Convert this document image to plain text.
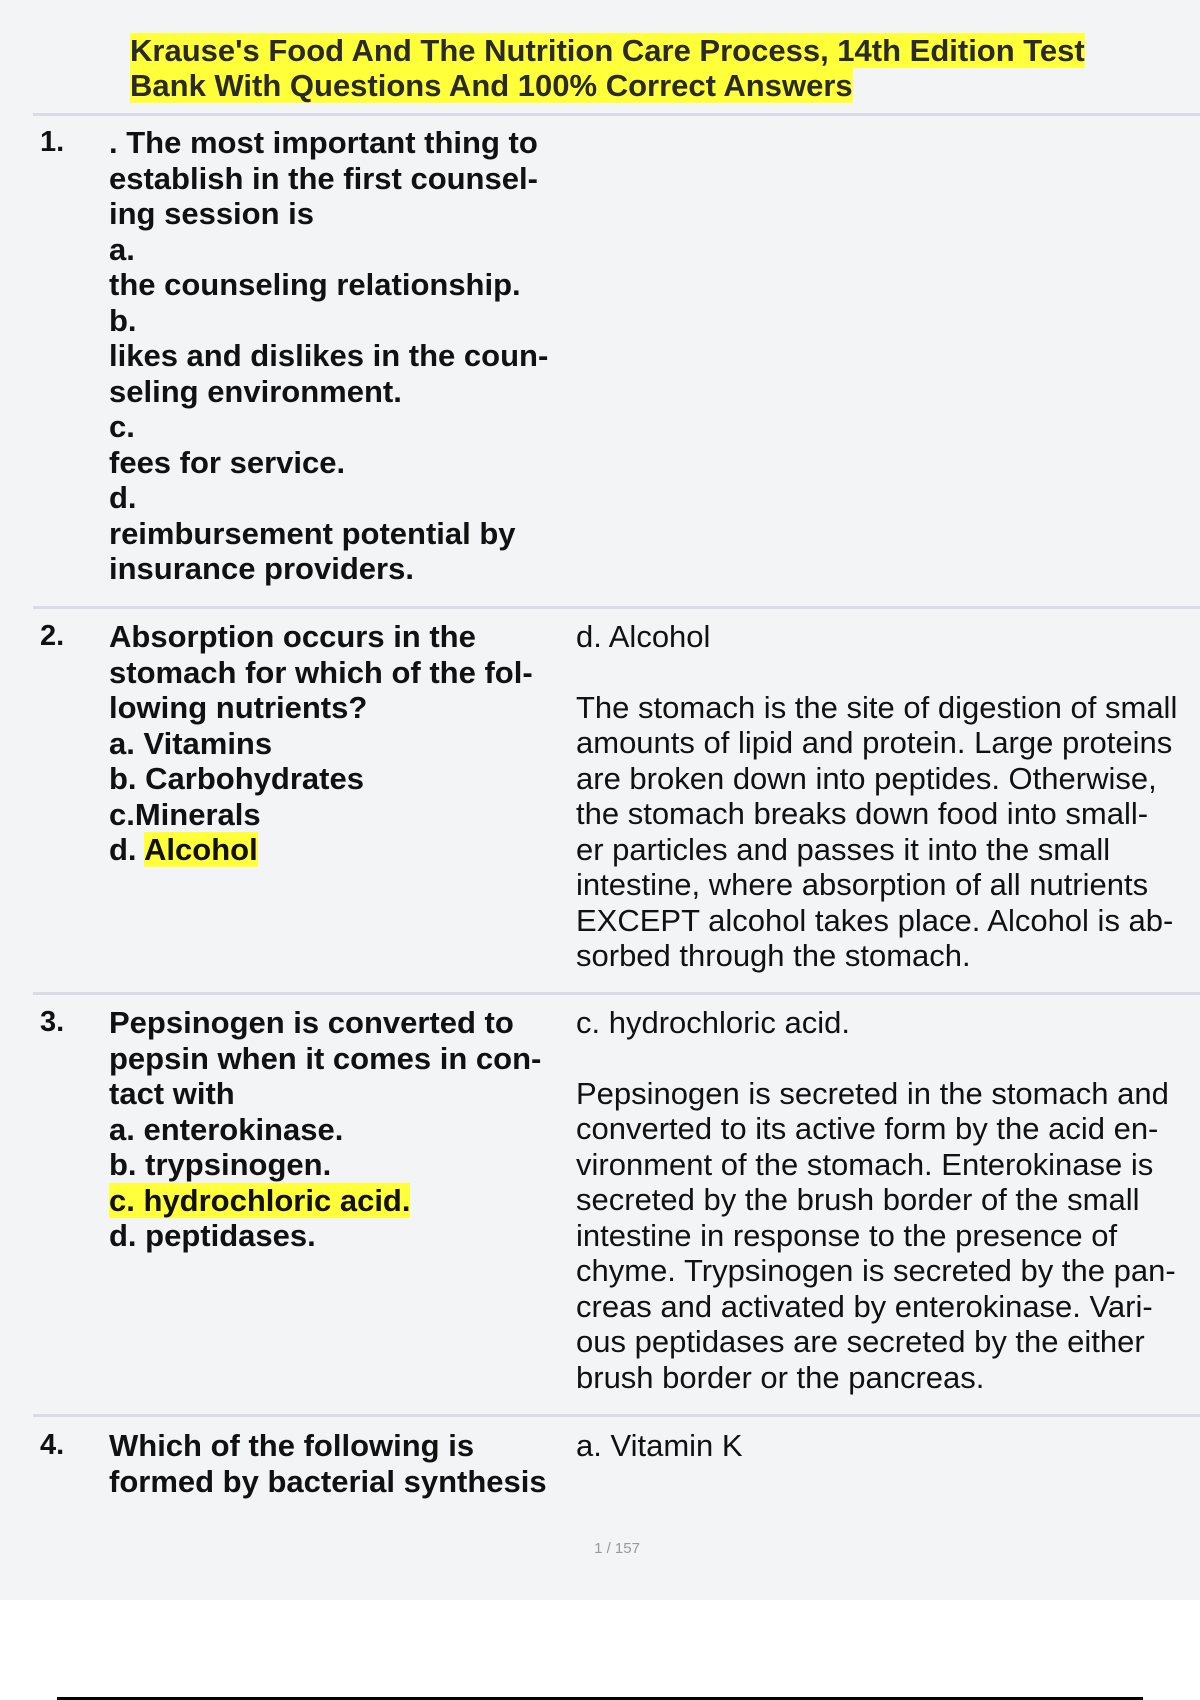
Krause's Food And The Nutrition Care Process, 14th Edition Test
Bank With Questions And 100% Correct Answers
1. . The most important thing to
establish in the first counsel-
ing session is
a.
the counseling relationship.
b.
likes and dislikes in the coun-
seling environment.
c.
fees for service.
d.
reimbursement potential by
insurance providers.

2. Absorption occurs in the
stomach for which of the fol-
lowing nutrients?
a. Vitamins
b. Carbohydrates
c.Minerals
d. Alcohol

d. Alcohol
The stomach is the site of digestion of small
amounts of lipid and protein. Large proteins
are broken down into peptides. Otherwise,
the stomach breaks down food into small-
er particles and passes it into the small
intestine, where absorption of all nutrients
EXCEPT alcohol takes place. Alcohol is ab-
sorbed through the stomach.

3. Pepsinogen is converted to
pepsin when it comes in con-
tact with
a. enterokinase.
b. trypsinogen.
c. hydrochloric acid.
d. peptidases.

c. hydrochloric acid.
Pepsinogen is secreted in the stomach and
converted to its active form by the acid en-
vironment of the stomach. Enterokinase is
secreted by the brush border of the small
intestine in response to the presence of
chyme. Trypsinogen is secreted by the pan-
creas and activated by enterokinase. Vari-
ous peptidases are secreted by the either
brush border or the pancreas.

4. Which of the following is
formed by bacterial synthesis

a. Vitamin K

1 / 157
